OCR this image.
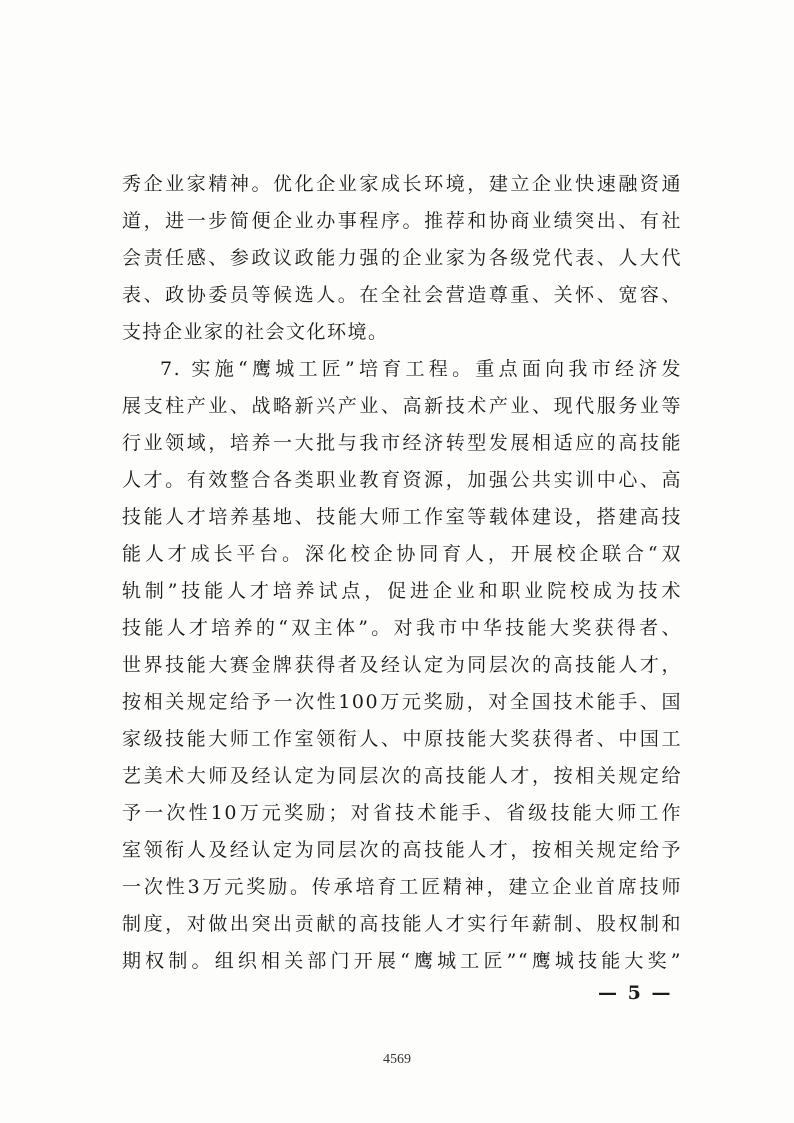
秀企业家精神。优化企业家成长环境，建立企业快速融资通
道，进一步简便企业办事程序。推荐和协商业绩突出、有社
会责任感、参政议政能力强的企业家为各级党代表、人大代
表、政协委员等候选人。在全社会营造尊重、关怀、宽容、
支持企业家的社会文化环境。
7. 实施“鹰城工匠”培育工程。重点面向我市经济发
展支柱产业、战略新兴产业、高新技术产业、现代服务业等
行业领域，培养一大批与我市经济转型发展相适应的高技能
人才。有效整合各类职业教育资源，加强公共实训中心、高
技能人才培养基地、技能大师工作室等载体建设，搭建高技
能人才成长平台。深化校企协同育人，开展校企联合“双
轨制”技能人才培养试点，促进企业和职业院校成为技术
技能人才培养的“双主体”。对我市中华技能大奖获得者、
世界技能大赛金牌获得者及经认定为同层次的高技能人才，
按相关规定给予一次性100万元奖励，对全国技术能手、国
家级技能大师工作室领衔人、中原技能大奖获得者、中国工
艺美术大师及经认定为同层次的高技能人才，按相关规定给
予一次性10万元奖励；对省技术能手、省级技能大师工作
室领衔人及经认定为同层次的高技能人才，按相关规定给予
一次性3万元奖励。传承培育工匠精神，建立企业首席技师
制度，对做出突出贡献的高技能人才实行年薪制、股权制和
期权制。组织相关部门开展“鹰城工匠”“鹰城技能大奖”
— 5 —
4569
